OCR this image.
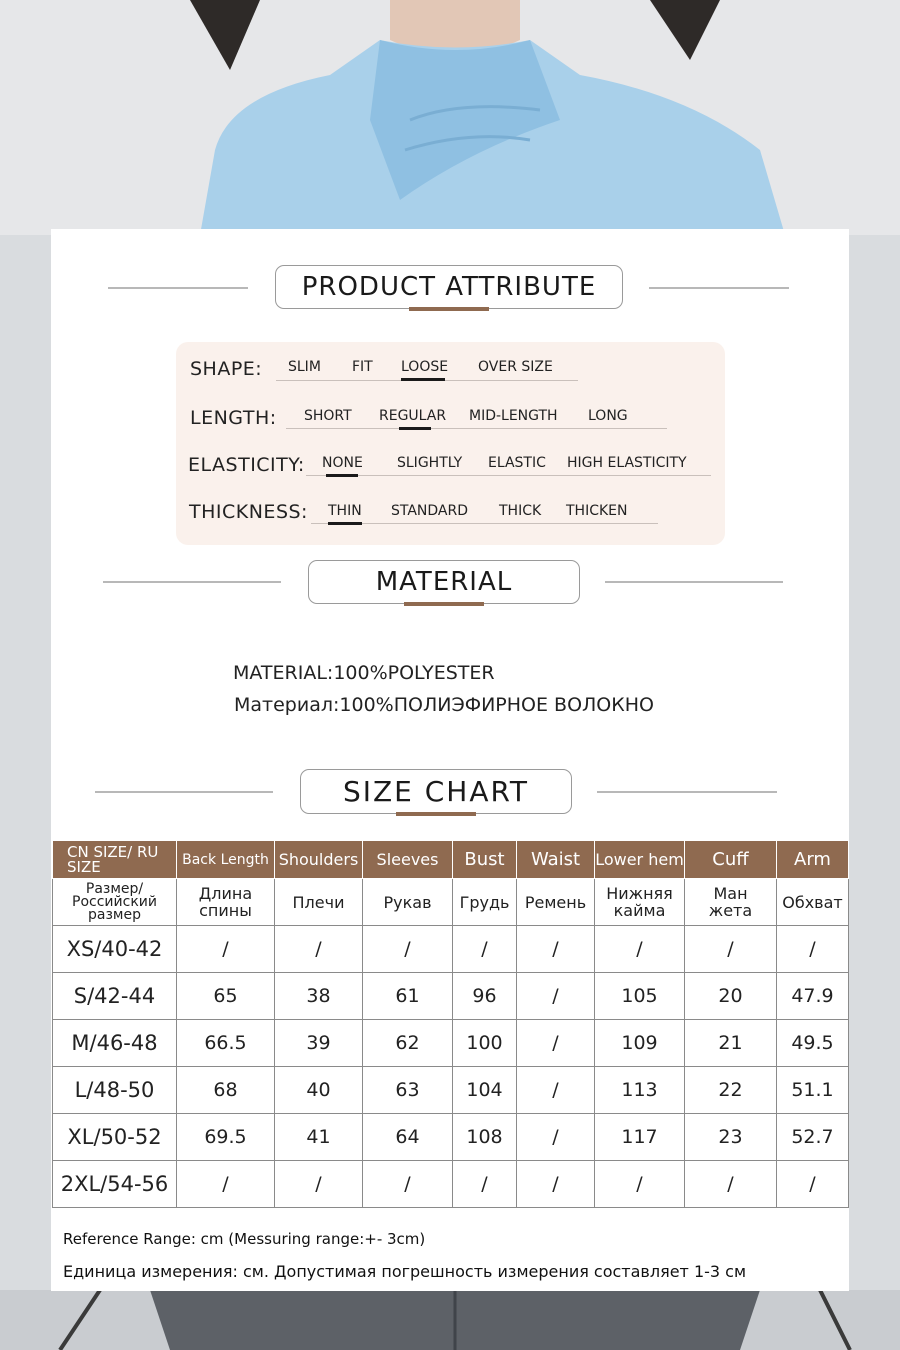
PRODUCT ATTRIBUTE
SHAPE: SLIM FIT LOOSE OVER SIZE
LENGTH: SHORT REGULAR MID-LENGTH LONG
ELASTICITY: NONE SLIGHTLY ELASTIC HIGH ELASTICITY
THICKNESS: THIN STANDARD THICK THICKEN
MATERIAL
MATERIAL:100%POLYESTER
Материал:100%ПОЛИЭФИРНОЕ ВОЛОКНО
SIZE CHART
CN SIZE/ RU SIZE	Back Length	Shoulders	Sleeves	Bust	Waist	Lower hem	Cuff	Arm
Размер/ Российский размер	Длина спины	Плечи	Рукав	Грудь	Ремень	Нижняя кайма	Ман жета	Обхват
XS/40-42	/	/	/	/	/	/	/	/
S/42-44	65	38	61	96	/	105	20	47.9
M/46-48	66.5	39	62	100	/	109	21	49.5
L/48-50	68	40	63	104	/	113	22	51.1
XL/50-52	69.5	41	64	108	/	117	23	52.7
2XL/54-56	/	/	/	/	/	/	/	/
Reference Range: cm (Messuring range:+- 3cm)
Единица измерения: см. Допустимая погрешность измерения составляет 1-3 см
